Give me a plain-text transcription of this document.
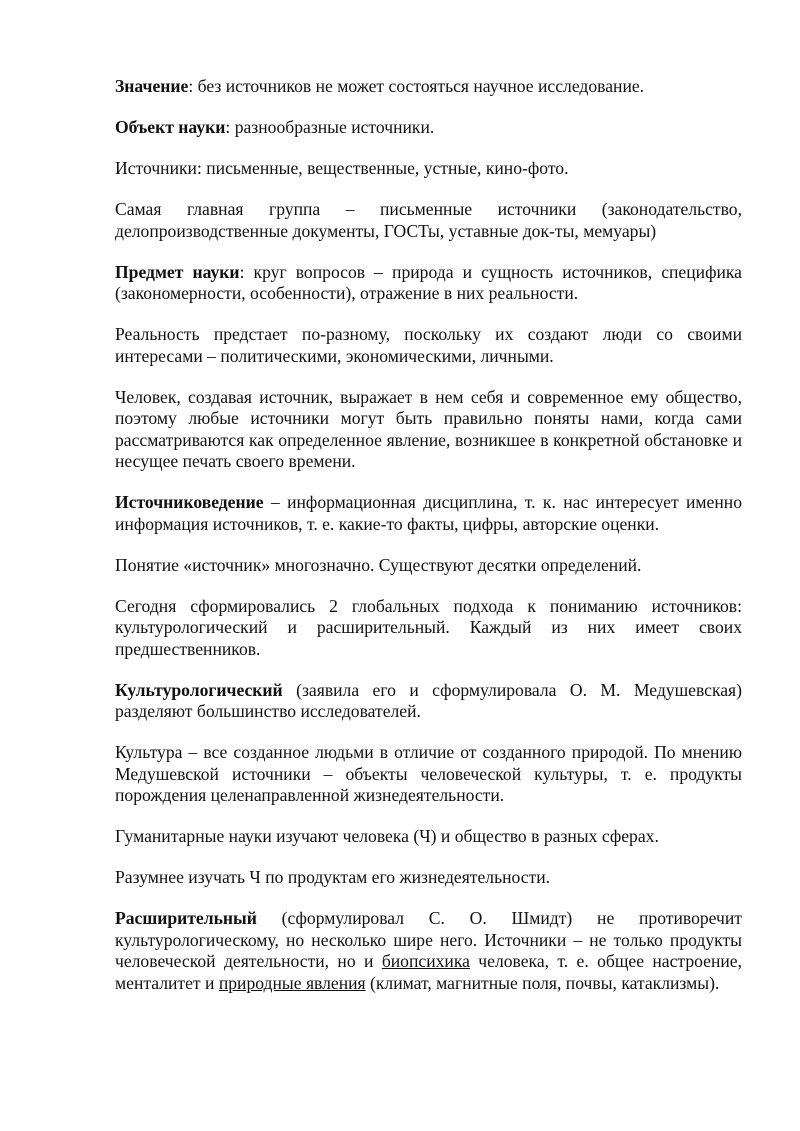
Значение: без источников не может состояться научное исследование.

Объект науки: разнообразные источники.

Источники: письменные, вещественные, устные, кино-фото.

Самая главная группа – письменные источники (законодательство, делопроизводственные документы, ГОСТы, уставные док-ты, мемуары)

Предмет науки: круг вопросов – природа и сущность источников, специфика (закономерности, особенности), отражение в них реальности.

Реальность предстает по-разному, поскольку их создают люди со своими интересами – политическими, экономическими, личными.

Человек, создавая источник, выражает в нем себя и современное ему общество, поэтому любые источники могут быть правильно поняты нами, когда сами рассматриваются как определенное явление, возникшее в конкретной обстановке и несущее печать своего времени.

Источниковедение – информационная дисциплина, т. к. нас интересует именно информация источников, т. е. какие-то факты, цифры, авторские оценки.

Понятие «источник» многозначно. Существуют десятки определений.

Сегодня сформировались 2 глобальных подхода к пониманию источников: культурологический и расширительный. Каждый из них имеет своих предшественников.

Культурологический (заявила его и сформулировала О. М. Медушевская) разделяют большинство исследователей.

Культура – все созданное людьми в отличие от созданного природой. По мнению Медушевской источники – объекты человеческой культуры, т. е. продукты порождения целенаправленной жизнедеятельности.

Гуманитарные науки изучают человека (Ч) и общество в разных сферах.

Разумнее изучать Ч по продуктам его жизнедеятельности.

Расширительный (сформулировал С. О. Шмидт) не противоречит культурологическому, но несколько шире него. Источники – не только продукты человеческой деятельности, но и биопсихика человека, т. е. общее настроение, менталитет и природные явления (климат, магнитные поля, почвы, катаклизмы).
